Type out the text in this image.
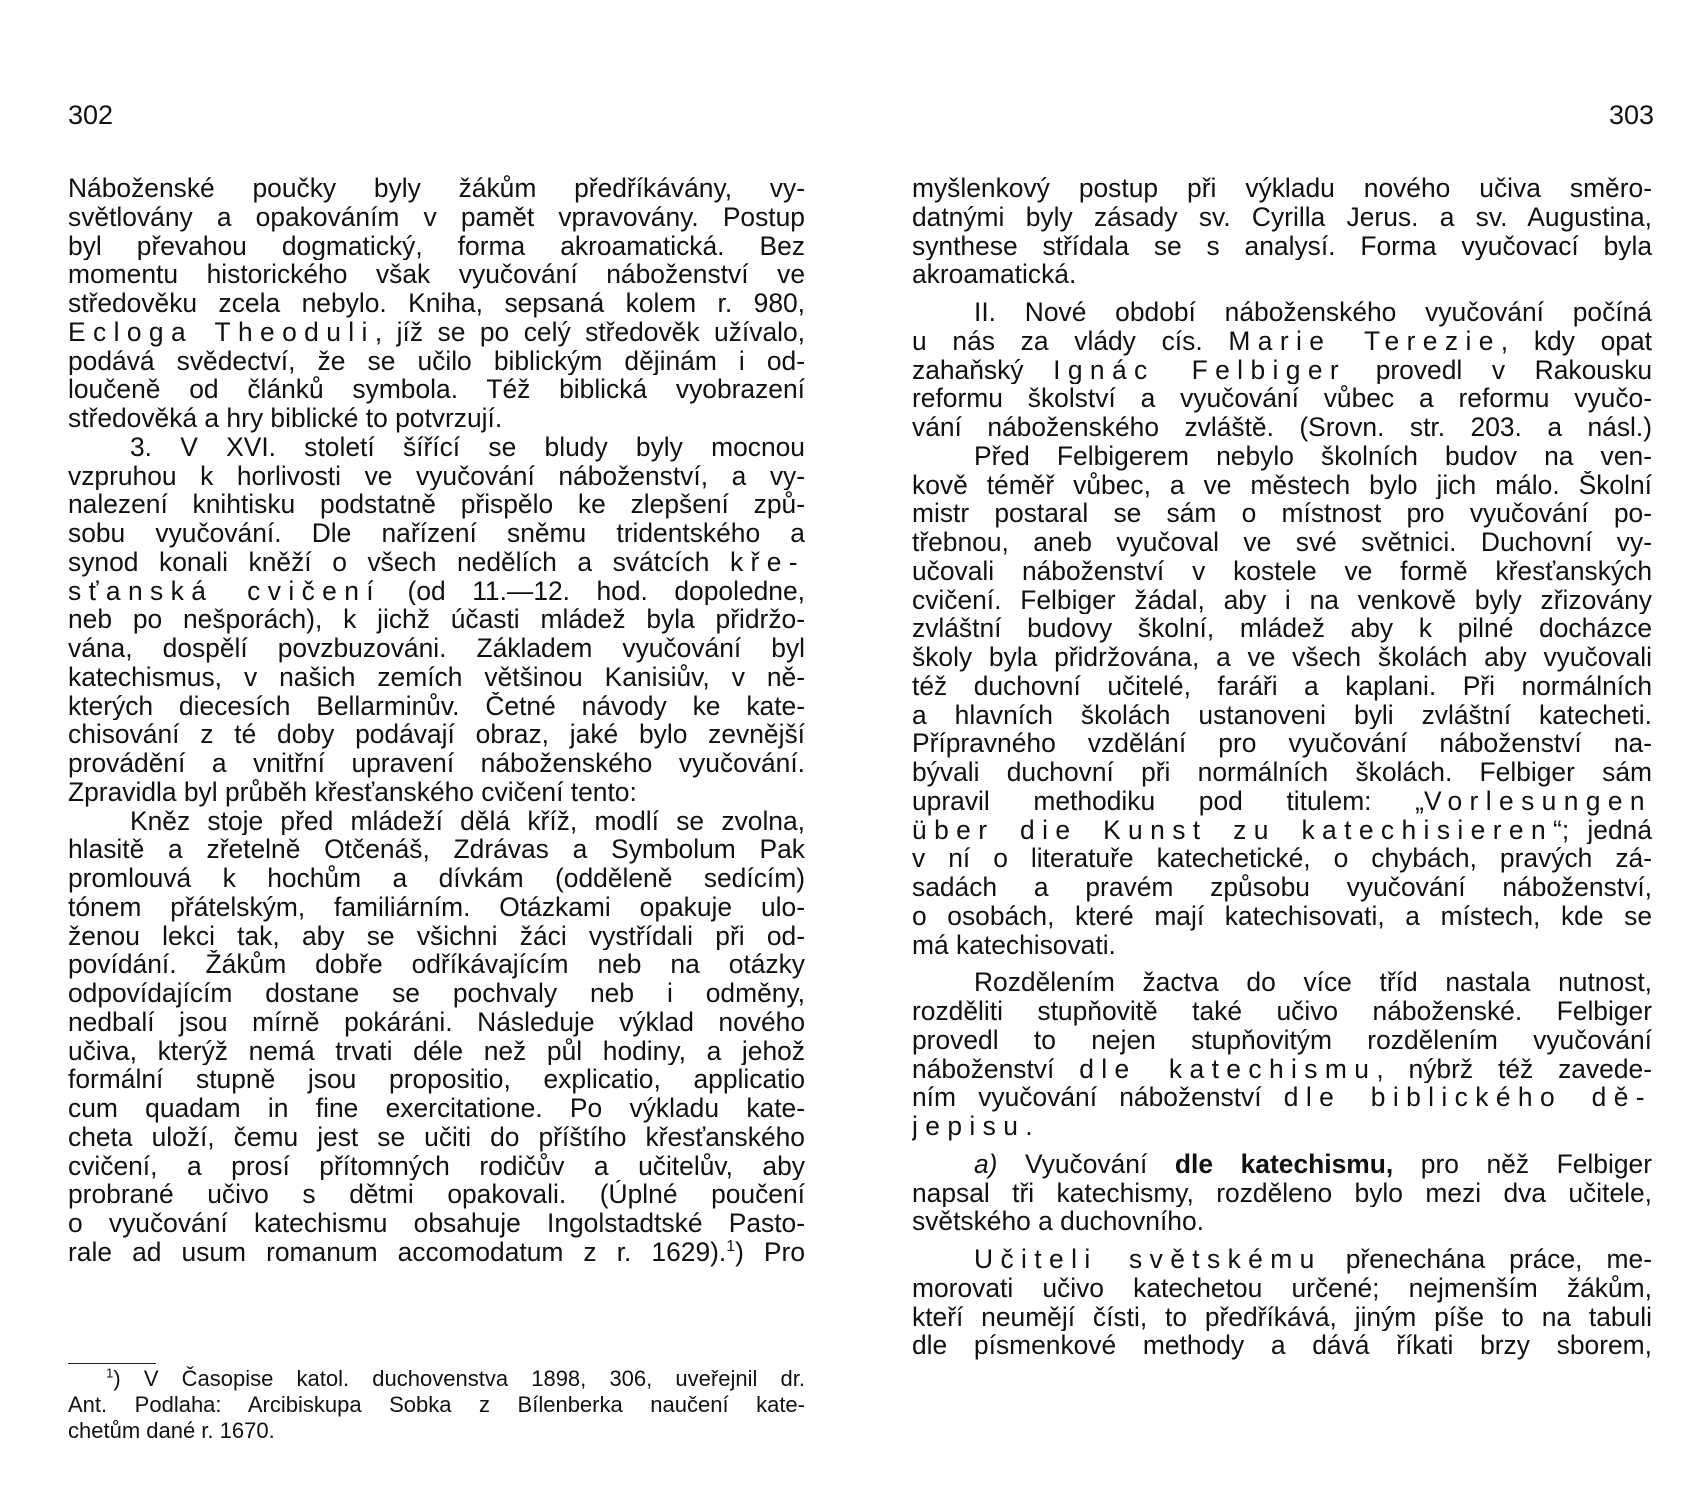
302	303
Náboženské poučky byly žákům předříkávány, vy-
světlovány a opakováním v pamět vpravovány. Postup
byl převahou dogmatický, forma akroamatická. Bez
momentu historického však vyučování náboženství ve
středověku zcela nebylo. Kniha, sepsaná kolem r. 980,
Ecloga Theoduli, jíž se po celý středověk užívalo,
podává svědectví, že se učilo biblickým dějinám i od-
loučeně od článků symbola. Též biblická vyobrazení
středověká a hry biblické to potvrzují.
3. V XVI. století šířící se bludy byly mocnou
vzpruhou k horlivosti ve vyučování náboženství, a vy-
nalezení knihtisku podstatně přispělo ke zlepšení způ-
sobu vyučování. Dle nařízení sněmu tridentského a
synod konali kněží o všech nedělích a svátcích kře-
sťanská cvičení (od 11.—12. hod. dopoledne,
neb po nešporách), k jichž účasti mládež byla přidržo-
vána, dospělí povzbuzováni. Základem vyučování byl
katechismus, v našich zemích většinou Kanisiův, v ně-
kterých diecesích Bellarminův. Četné návody ke kate-
chisování z té doby podávají obraz, jaké bylo zevnější
provádění a vnitřní upravení náboženského vyučování.
Zpravidla byl průběh křesťanského cvičení tento:
Kněz stoje před mládeží dělá kříž, modlí se zvolna,
hlasitě a zřetelně Otčenáš, Zdrávas a Symbolum Pak
promlouvá k hochům a dívkám (odděleně sedícím)
tónem přátelským, familiárním. Otázkami opakuje ulo-
ženou lekci tak, aby se všichni žáci vystřídali při od-
povídání. Žákům dobře odříkávajícím neb na otázky
odpovídajícím dostane se pochvaly neb i odměny,
nedbalí jsou mírně pokáráni. Následuje výklad nového
učiva, kterýž nemá trvati déle než půl hodiny, a jehož
formální stupně jsou propositio, explicatio, applicatio
cum quadam in fine exercitatione. Po výkladu kate-
cheta uloží, čemu jest se učiti do příštího křesťanského
cvičení, a prosí přítomných rodičův a učitelův, aby
probrané učivo s dětmi opakovali. (Úplné poučení
o vyučování katechismu obsahuje Ingolstadtské Pasto-
rale ad usum romanum accomodatum z r. 1629).$^1$) Pro
myšlenkový postup při výkladu nového učiva směro-
datnými byly zásady sv. Cyrilla Jerus. a sv. Augustina,
synthese střídala se s analysí. Forma vyučovací byla
akroamatická.
II. Nové období náboženského vyučování počíná
u nás za vlády cís. Marie Terezie, kdy opat
zahaňský Ignác Felbiger provedl v Rakousku
reformu školství a vyučování vůbec a reformu vyučo-
vání náboženského zvláště. (Srovn. str. 203. a násl.)
Před Felbigerem nebylo školních budov na ven-
kově téměř vůbec, a ve městech bylo jich málo. Školní
mistr postaral se sám o místnost pro vyučování po-
třebnou, aneb vyučoval ve své světnici. Duchovní vy-
učovali náboženství v kostele ve formě křesťanských
cvičení. Felbiger žádal, aby i na venkově byly zřizovány
zvláštní budovy školní, mládež aby k pilné docházce
školy byla přidržována, a ve všech školách aby vyučovali
též duchovní učitelé, faráři a kaplani. Při normálních
a hlavních školách ustanoveni byli zvláštní katecheti.
Přípravného vzdělání pro vyučování náboženství na-
bývali duchovní při normálních školách. Felbiger sám
upravil methodiku pod titulem: „Vorlesungen
über die Kunst zu katechisieren“; jedná
v ní o literatuře katechetické, o chybách, pravých zá-
sadách a pravém způsobu vyučování náboženství,
o osobách, které mají katechisovati, a místech, kde se
má katechisovati.
Rozdělením žactva do více tříd nastala nutnost,
rozděliti stupňovitě také učivo náboženské. Felbiger
provedl to nejen stupňovitým rozdělením vyučování
náboženství dle katechismu, nýbrž též zavede-
ním vyučování náboženství dle biblického dě-
jepisu.
a) Vyučování dle katechismu, pro něž Felbiger
napsal tři katechismy, rozděleno bylo mezi dva učitele,
světského a duchovního.
Učiteli světskému přenechána práce, me-
morovati učivo katechetou určené; nejmenším žákům,
kteří neumějí čísti, to předříkává, jiným píše to na tabuli
dle písmenkové methody a dává říkati brzy sborem,
$^1$) V Časopise katol. duchovenstva 1898, 306, uveřejnil dr.
Ant. Podlaha: Arcibiskupa Sobka z Bílenberka naučení kate-
chetům dané r. 1670.
